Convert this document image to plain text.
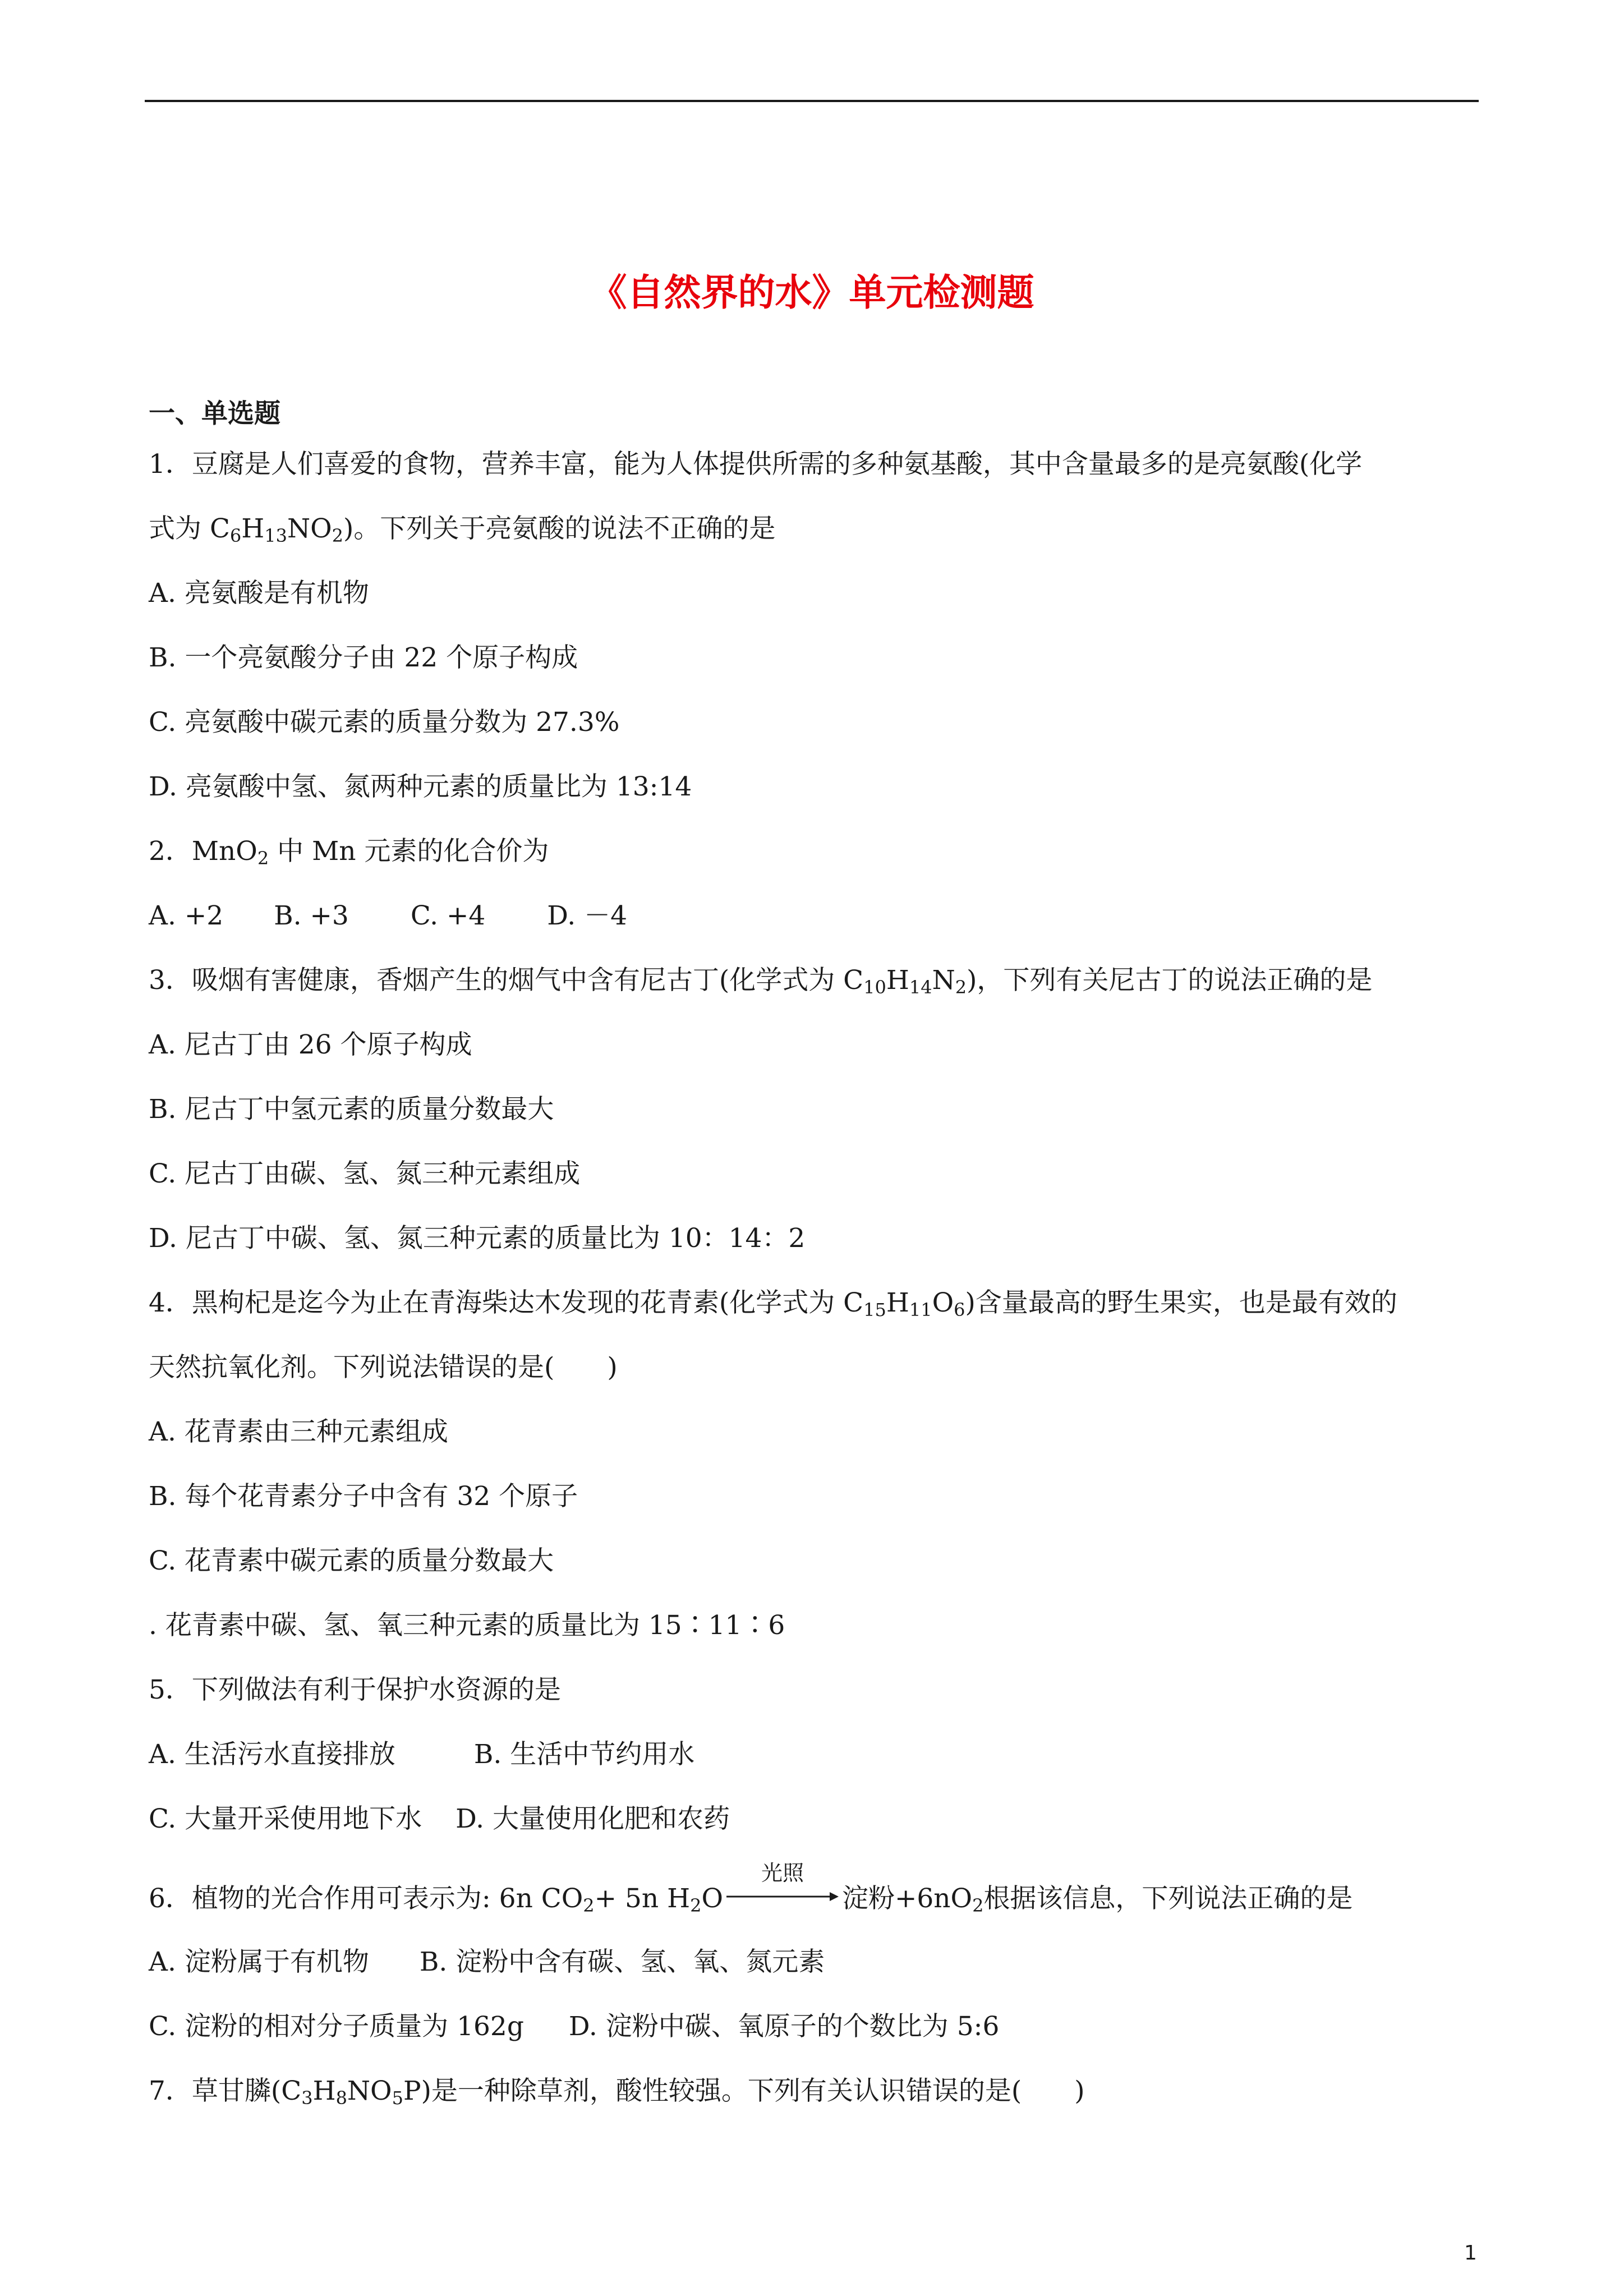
《自然界的水》单元检测题
一、单选题
1．豆腐是人们喜爱的食物，营养丰富，能为人体提供所需的多种氨基酸，其中含量最多的是亮氨酸(化学
式为 $C_6H_{13}NO_2$)。下列关于亮氨酸的说法不正确的是
A. 亮氨酸是有机物
B. 一个亮氨酸分子由 22 个原子构成
C. 亮氨酸中碳元素的质量分数为 27.3%
D. 亮氨酸中氢、氮两种元素的质量比为 13:14
2．MnO$_2$ 中 Mn 元素的化合价为
A. +2 B. +3 C. +4 D. －4
3．吸烟有害健康，香烟产生的烟气中含有尼古丁(化学式为 $C_{10}H_{14}N_2$)，下列有关尼古丁的说法正确的是
A. 尼古丁由 26 个原子构成
B. 尼古丁中氢元素的质量分数最大
C. 尼古丁由碳、氢、氮三种元素组成
D. 尼古丁中碳、氢、氮三种元素的质量比为 10：14：2
4．黑枸杞是迄今为止在青海柴达木发现的花青素(化学式为 $C_{15}H_{11}O_6$)含量最高的野生果实，也是最有效的
天然抗氧化剂。下列说法错误的是(　　)
A. 花青素由三种元素组成
B. 每个花青素分子中含有 32 个原子
C. 花青素中碳元素的质量分数最大
. 花青素中碳、氢、氧三种元素的质量比为 15∶11∶6
5．下列做法有利于保护水资源的是
A. 生活污水直接排放	B. 生活中节约用水
C. 大量开采使用地下水 D. 大量使用化肥和农药
6．植物的光合作用可表示为: 6n $CO_2+ 5n$ $H_2O$
光照
淀粉$+6nO_2$根据该信息，下列说法正确的是
A. 淀粉属于有机物 B. 淀粉中含有碳、氢、氧、氮元素
C. 淀粉的相对分子质量为 162g D. 淀粉中碳、氧原子的个数比为 5:6
7．草甘膦$(C_3H_8NO_5P)$是一种除草剂，酸性较强。下列有关认识错误的是(　　)
1
